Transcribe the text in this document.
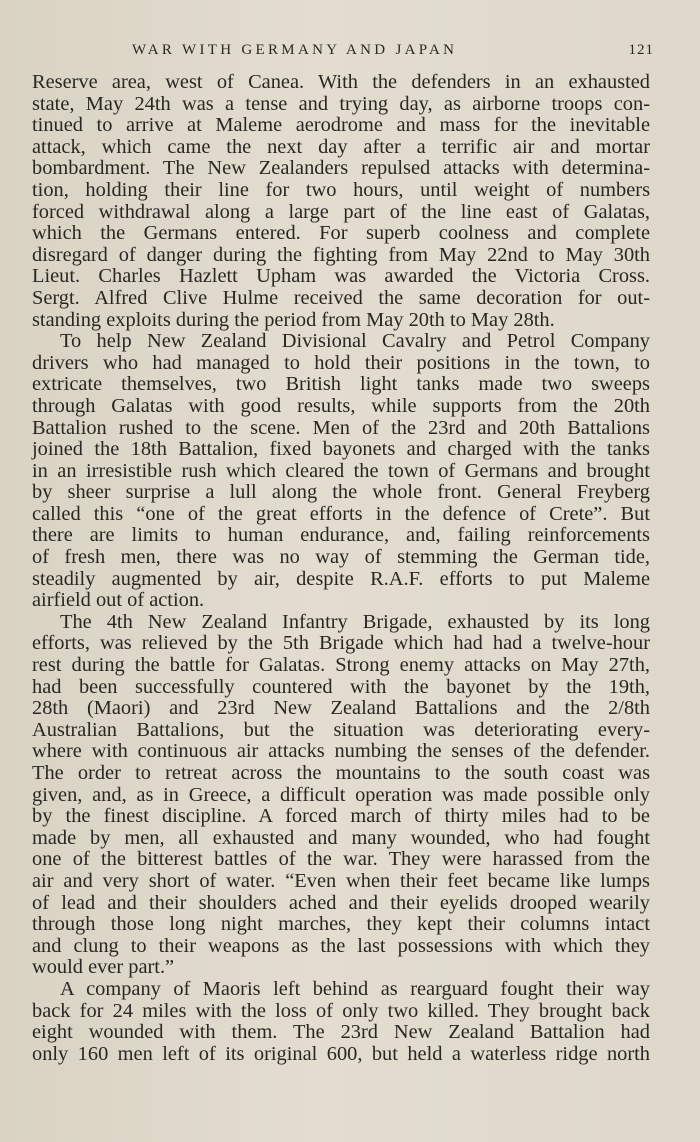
WAR WITH GERMANY AND JAPAN	121
Reserve area, west of Canea. With the defenders in an exhausted
state, May 24th was a tense and trying day, as airborne troops con-
tinued to arrive at Maleme aerodrome and mass for the inevitable
attack, which came the next day after a terrific air and mortar
bombardment. The New Zealanders repulsed attacks with determina-
tion, holding their line for two hours, until weight of numbers
forced withdrawal along a large part of the line east of Galatas,
which the Germans entered. For superb coolness and complete
disregard of danger during the fighting from May 22nd to May 30th
Lieut. Charles Hazlett Upham was awarded the Victoria Cross.
Sergt. Alfred Clive Hulme received the same decoration for out-
standing exploits during the period from May 20th to May 28th.
To help New Zealand Divisional Cavalry and Petrol Company
drivers who had managed to hold their positions in the town, to
extricate themselves, two British light tanks made two sweeps
through Galatas with good results, while supports from the 20th
Battalion rushed to the scene. Men of the 23rd and 20th Battalions
joined the 18th Battalion, fixed bayonets and charged with the tanks
in an irresistible rush which cleared the town of Germans and brought
by sheer surprise a lull along the whole front. General Freyberg
called this “one of the great efforts in the defence of Crete”. But
there are limits to human endurance, and, failing reinforcements
of fresh men, there was no way of stemming the German tide,
steadily augmented by air, despite R.A.F. efforts to put Maleme
airfield out of action.
The 4th New Zealand Infantry Brigade, exhausted by its long
efforts, was relieved by the 5th Brigade which had had a twelve-hour
rest during the battle for Galatas. Strong enemy attacks on May 27th,
had been successfully countered with the bayonet by the 19th,
28th (Maori) and 23rd New Zealand Battalions and the 2/8th
Australian Battalions, but the situation was deteriorating every-
where with continuous air attacks numbing the senses of the defender.
The order to retreat across the mountains to the south coast was
given, and, as in Greece, a difficult operation was made possible only
by the finest discipline. A forced march of thirty miles had to be
made by men, all exhausted and many wounded, who had fought
one of the bitterest battles of the war. They were harassed from the
air and very short of water. “Even when their feet became like lumps
of lead and their shoulders ached and their eyelids drooped wearily
through those long night marches, they kept their columns intact
and clung to their weapons as the last possessions with which they
would ever part.”
A company of Maoris left behind as rearguard fought their way
back for 24 miles with the loss of only two killed. They brought back
eight wounded with them. The 23rd New Zealand Battalion had
only 160 men left of its original 600, but held a waterless ridge north
